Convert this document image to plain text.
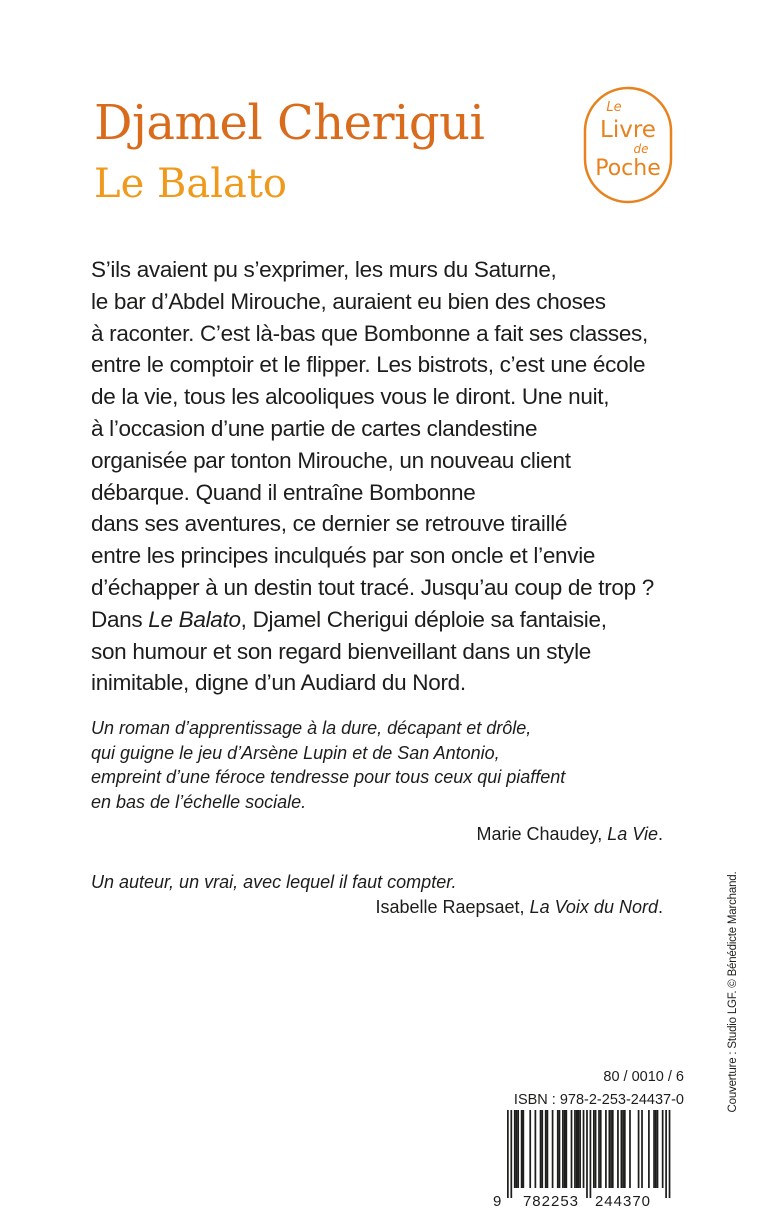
Djamel Cherigui
Le Balato
Le
Livre
de
Poche
S’ils avaient pu s’exprimer, les murs du Saturne,
le bar d’Abdel Mirouche, auraient eu bien des choses
à raconter. C’est là-bas que Bombonne a fait ses classes,
entre le comptoir et le flipper. Les bistrots, c’est une école
de la vie, tous les alcooliques vous le diront. Une nuit,
à l’occasion d’une partie de cartes clandestine
organisée par tonton Mirouche, un nouveau client
débarque. Quand il entraîne Bombonne
dans ses aventures, ce dernier se retrouve tiraillé
entre les principes inculqués par son oncle et l’envie
d’échapper à un destin tout tracé. Jusqu’au coup de trop ?
Dans Le Balato, Djamel Cherigui déploie sa fantaisie,
son humour et son regard bienveillant dans un style
inimitable, digne d’un Audiard du Nord.
Un roman d’apprentissage à la dure, décapant et drôle,
qui guigne le jeu d’Arsène Lupin et de San Antonio,
empreint d’une féroce tendresse pour tous ceux qui piaffent
en bas de l’échelle sociale.
Marie Chaudey, La Vie.
Un auteur, un vrai, avec lequel il faut compter.
Isabelle Raepsaet, La Voix du Nord.	Couverture : Studio LGF. © Bénédicte Marchand.
80 / 0010 / 6
ISBN : 978-2-253-24437-0
9 782253 244370
